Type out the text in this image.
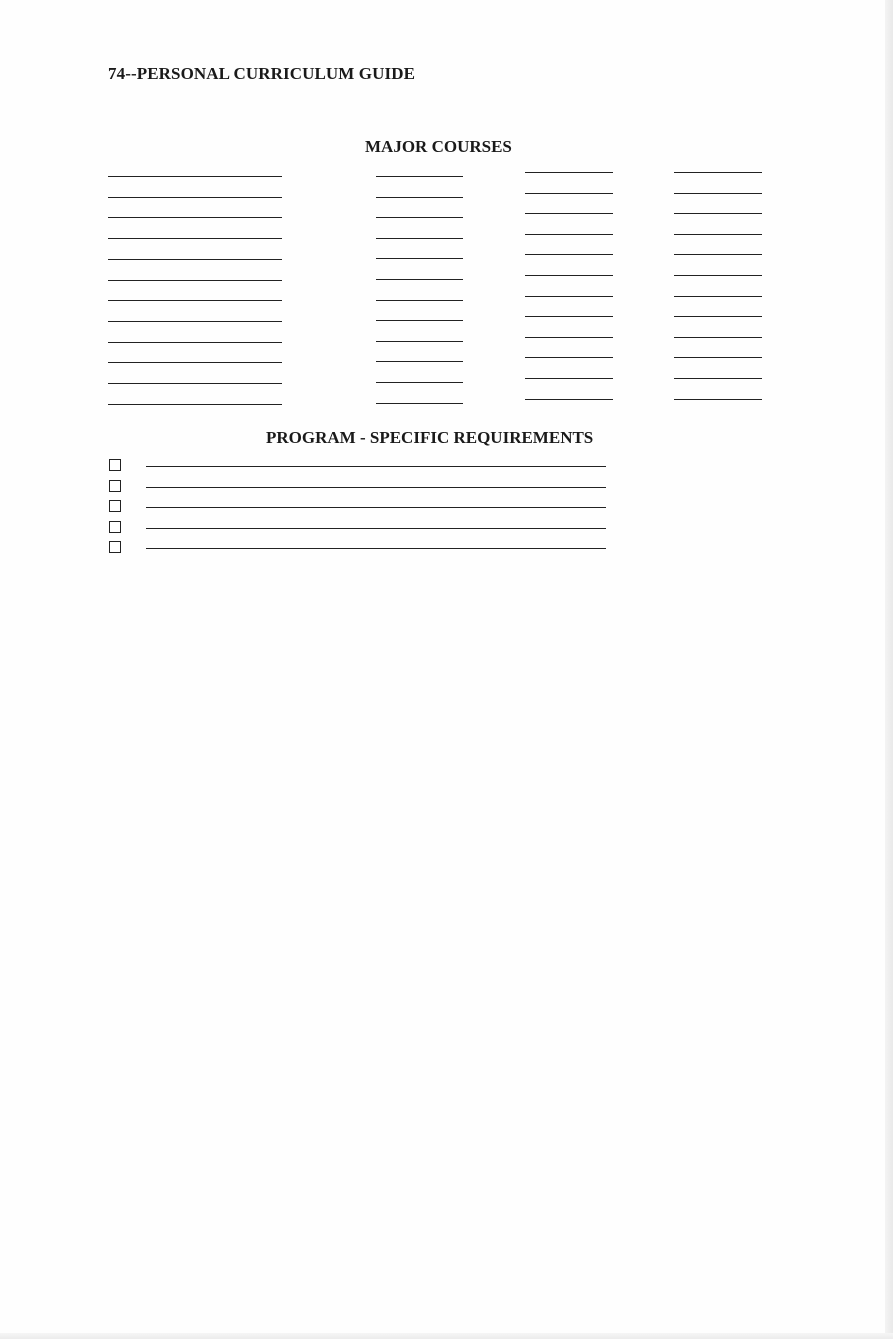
74--PERSONAL CURRICULUM GUIDE
MAJOR COURSES
PROGRAM - SPECIFIC REQUIREMENTS
